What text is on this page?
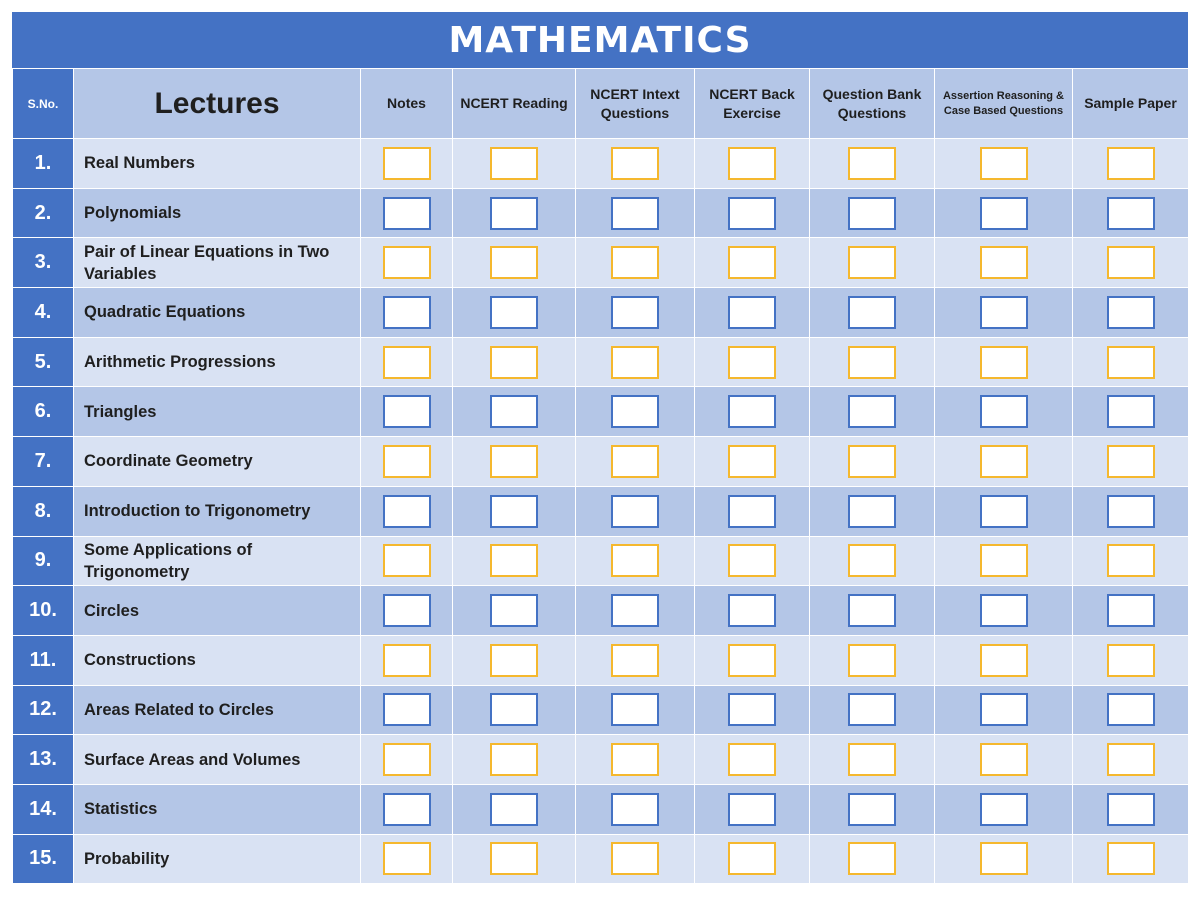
MATHEMATICS
S.No.	Lectures	Notes	NCERT Reading	NCERT Intext Questions	NCERT Back Exercise	Question Bank Questions	Assertion Reasoning & Case Based Questions	Sample Paper
1.	Real Numbers							
2.	Polynomials							
3.	Pair of Linear Equations in Two Variables							
4.	Quadratic Equations							
5.	Arithmetic Progressions							
6.	Triangles							
7.	Coordinate Geometry							
8.	Introduction to Trigonometry							
9.	Some Applications of Trigonometry							
10.	Circles							
11.	Constructions							
12.	Areas Related to Circles							
13.	Surface Areas and Volumes							
14.	Statistics							
15.	Probability							
